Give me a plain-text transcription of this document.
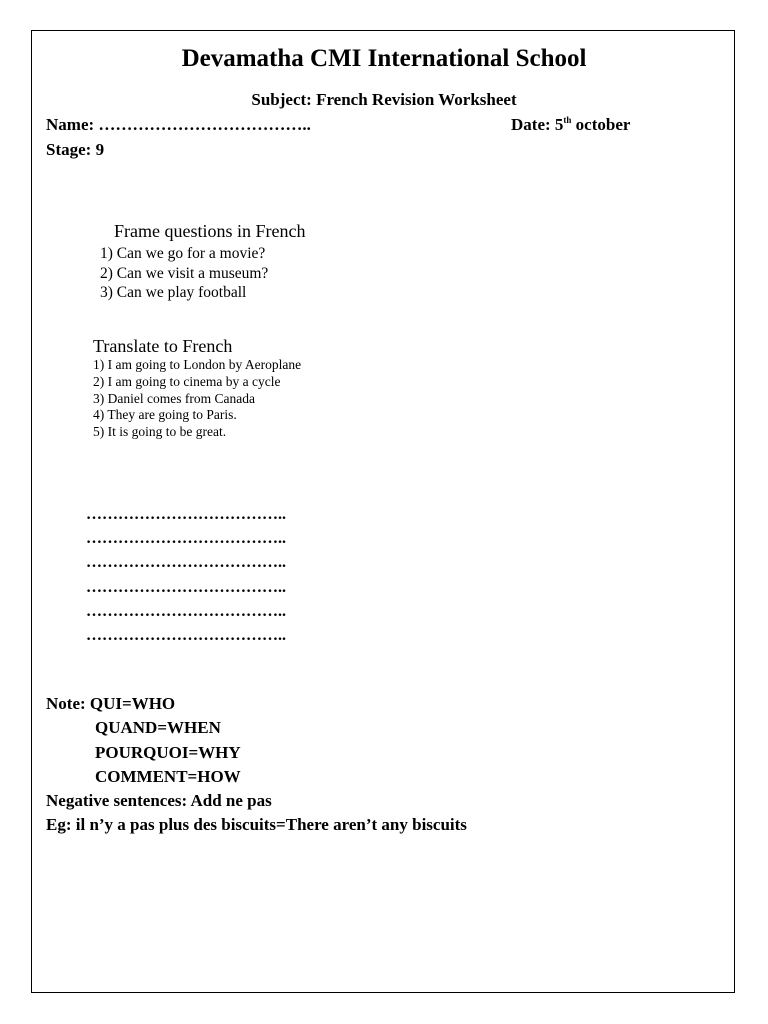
Devamatha CMI International School
Subject: French Revision Worksheet
Name: ………………………………..	Date: 5th october
Stage: 9
Frame questions in French
1) Can we go for a movie?
2) Can we visit a museum?
3) Can we play football
Translate to French
1) I am going to London by Aeroplane
2) I am going to cinema by a cycle
3) Daniel comes from Canada
4) They are going to Paris.
5) It is going to be great.
………………………………..
………………………………..
………………………………..
………………………………..
………………………………..
………………………………..
Note: QUI=WHO
QUAND=WHEN
POURQUOI=WHY
COMMENT=HOW
Negative sentences: Add ne pas
Eg: il n’y a pas plus des biscuits=There aren’t any biscuits
